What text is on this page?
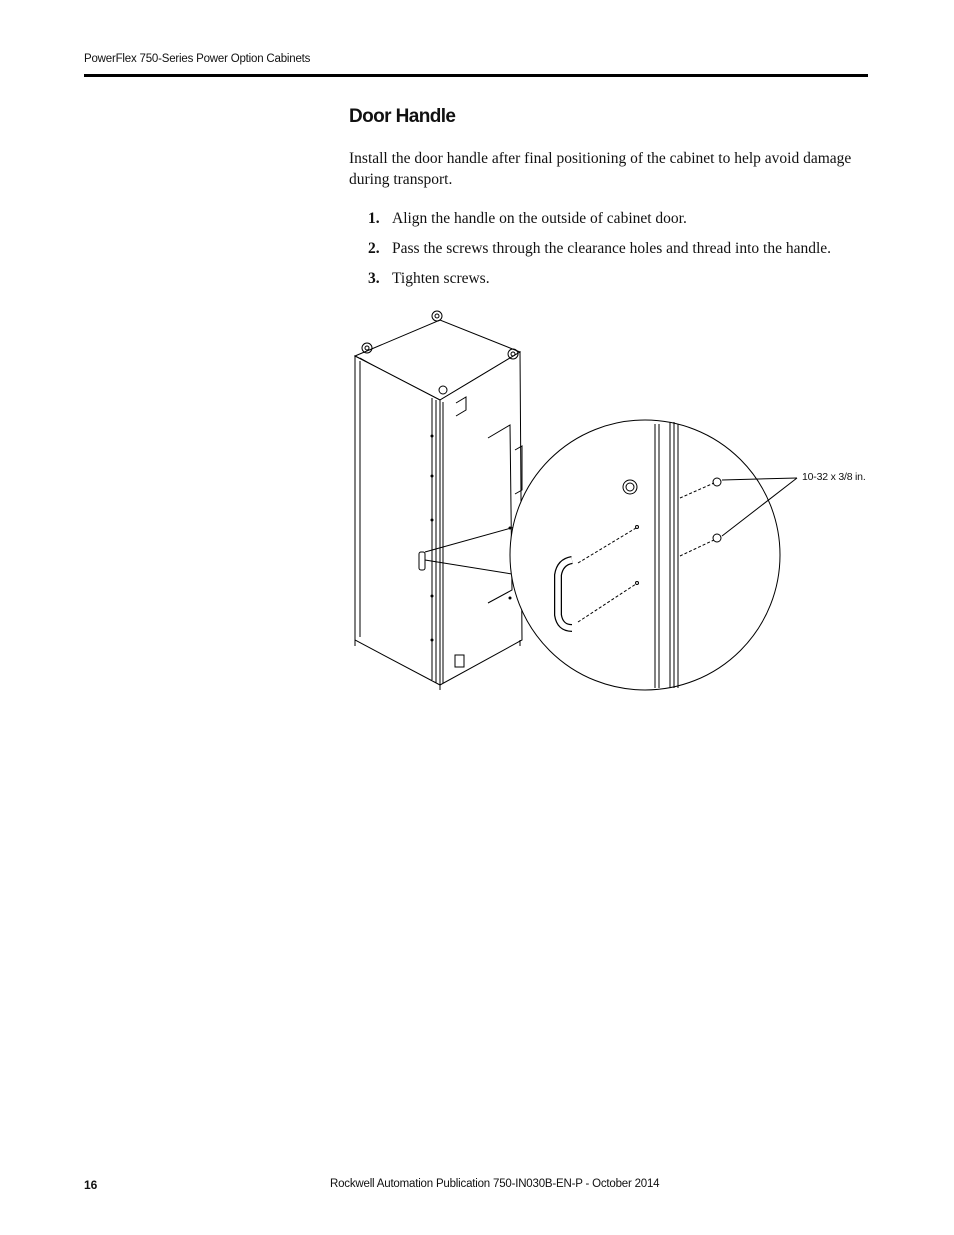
PowerFlex 750-Series Power Option Cabinets
Door Handle

Install the door handle after final positioning of the cabinet to help avoid damage during transport.

1. Align the handle on the outside of cabinet door.
2. Pass the screws through the clearance holes and thread into the handle.
3. Tighten screws.
10-32 x 3/8 in.
16	Rockwell Automation Publication 750-IN030B-EN-P - October 2014
